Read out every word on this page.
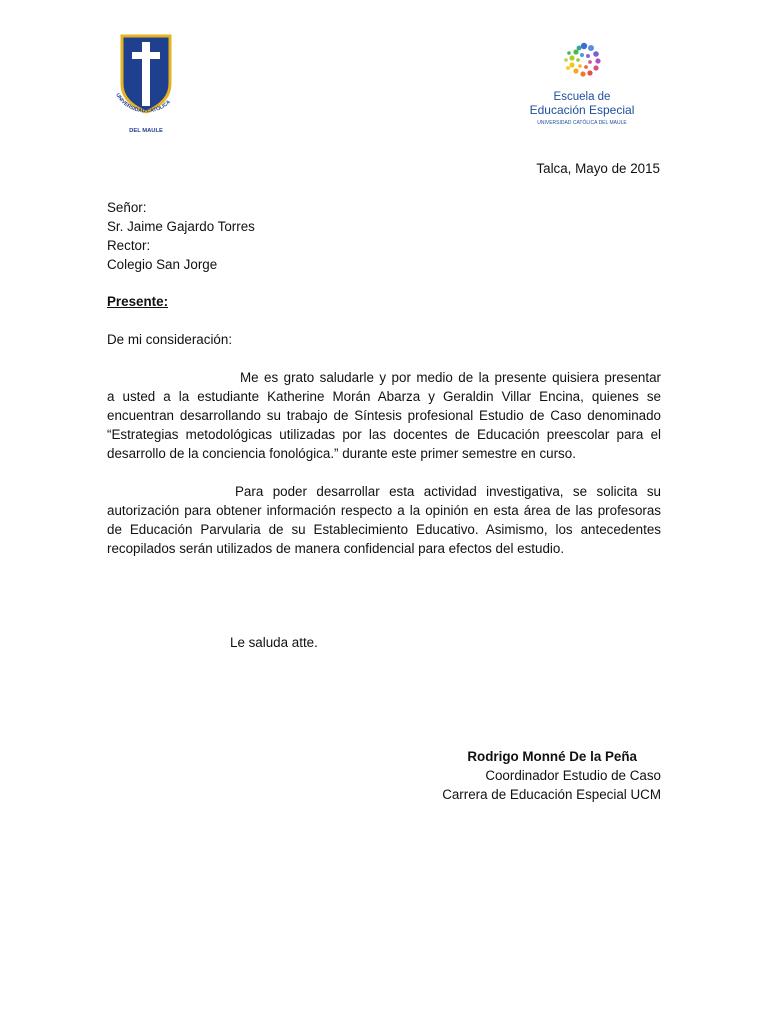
UNIVERSIDAD CATÓLICA
DEL MAULE
Escuela de
Educación Especial
UNIVERSIDAD CATÓLICA DEL MAULE
Talca, Mayo de 2015
Señor:
Sr. Jaime Gajardo Torres
Rector:
Colegio San Jorge
Presente:
De mi consideración:
Me es grato saludarle y por medio de la presente quisiera presentar
a usted a la estudiante Katherine Morán Abarza y Geraldin Villar Encina, quienes se
encuentran desarrollando su trabajo de Síntesis profesional Estudio de Caso denominado
“Estrategias metodológicas utilizadas por las docentes de Educación preescolar para el
desarrollo de la conciencia fonológica.” durante este primer semestre en curso.
Para poder desarrollar esta actividad investigativa, se solicita su
autorización para obtener información respecto a la opinión en esta área de las profesoras
de Educación Parvularia de su Establecimiento Educativo. Asimismo, los antecedentes
recopilados serán utilizados de manera confidencial para efectos del estudio.
Le saluda atte.
Rodrigo Monné De la Peña
Coordinador Estudio de Caso
Carrera de Educación Especial UCM
